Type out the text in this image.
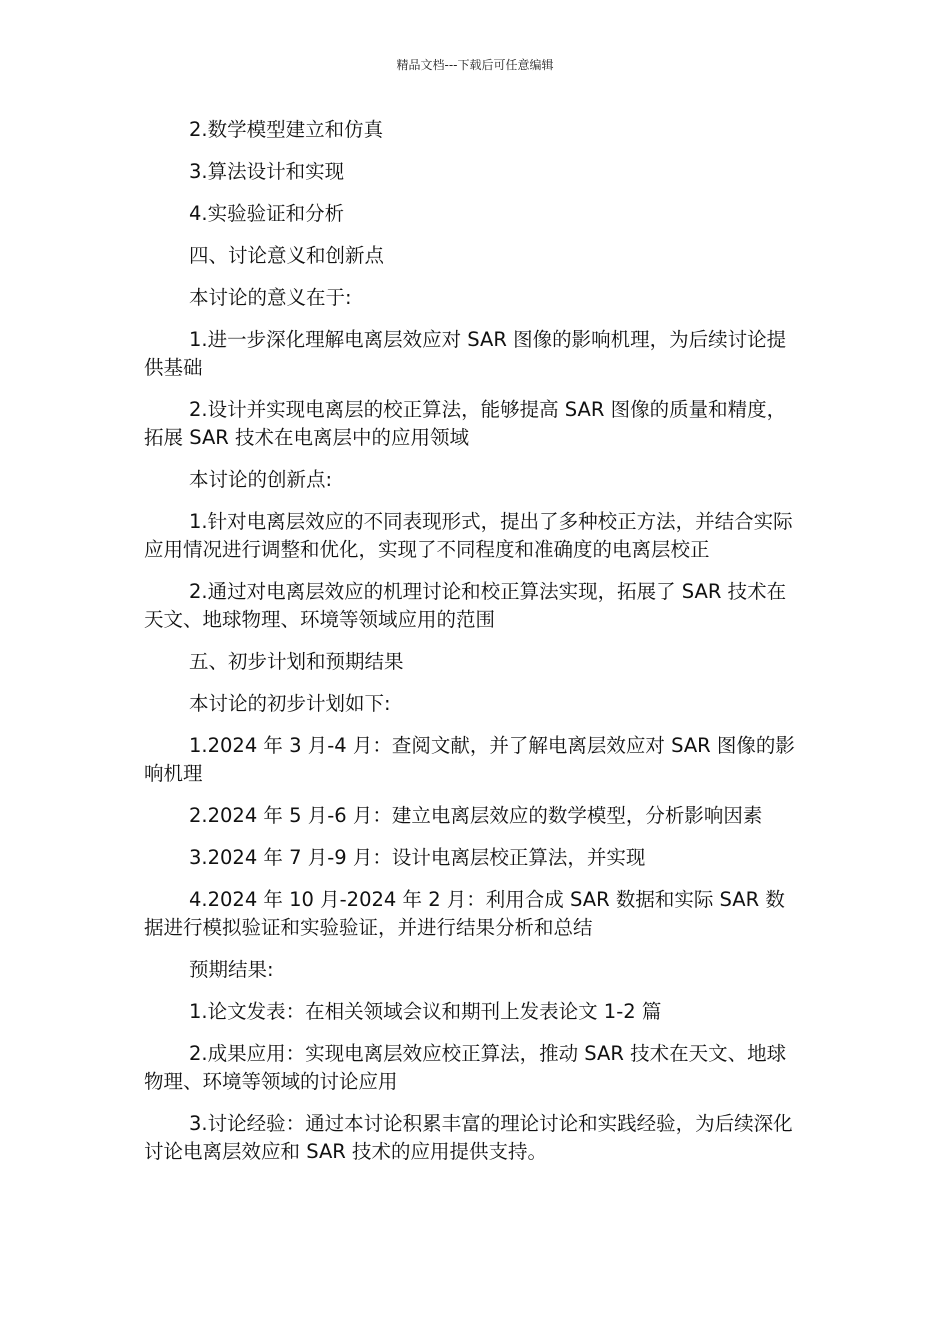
精品文档---下载后可任意编辑

2.数学模型建立和仿真

3.算法设计和实现

4.实验验证和分析

四、讨论意义和创新点

本讨论的意义在于:

1.进一步深化理解电离层效应对 SAR 图像的影响机理，为后续讨论提供基础

2.设计并实现电离层的校正算法，能够提高 SAR 图像的质量和精度，拓展 SAR 技术在电离层中的应用领域

本讨论的创新点:

1.针对电离层效应的不同表现形式，提出了多种校正方法，并结合实际应用情况进行调整和优化，实现了不同程度和准确度的电离层校正

2.通过对电离层效应的机理讨论和校正算法实现，拓展了 SAR 技术在天文、地球物理、环境等领域应用的范围

五、初步计划和预期结果

本讨论的初步计划如下:

1.2024 年 3 月-4 月：查阅文献，并了解电离层效应对 SAR 图像的影响机理

2.2024 年 5 月-6 月：建立电离层效应的数学模型，分析影响因素

3.2024 年 7 月-9 月：设计电离层校正算法，并实现

4.2024 年 10 月-2024 年 2 月：利用合成 SAR 数据和实际 SAR 数据进行模拟验证和实验验证，并进行结果分析和总结

预期结果:

1.论文发表：在相关领域会议和期刊上发表论文 1-2 篇

2.成果应用：实现电离层效应校正算法，推动 SAR 技术在天文、地球物理、环境等领域的讨论应用

3.讨论经验：通过本讨论积累丰富的理论讨论和实践经验，为后续深化讨论电离层效应和 SAR 技术的应用提供支持。
